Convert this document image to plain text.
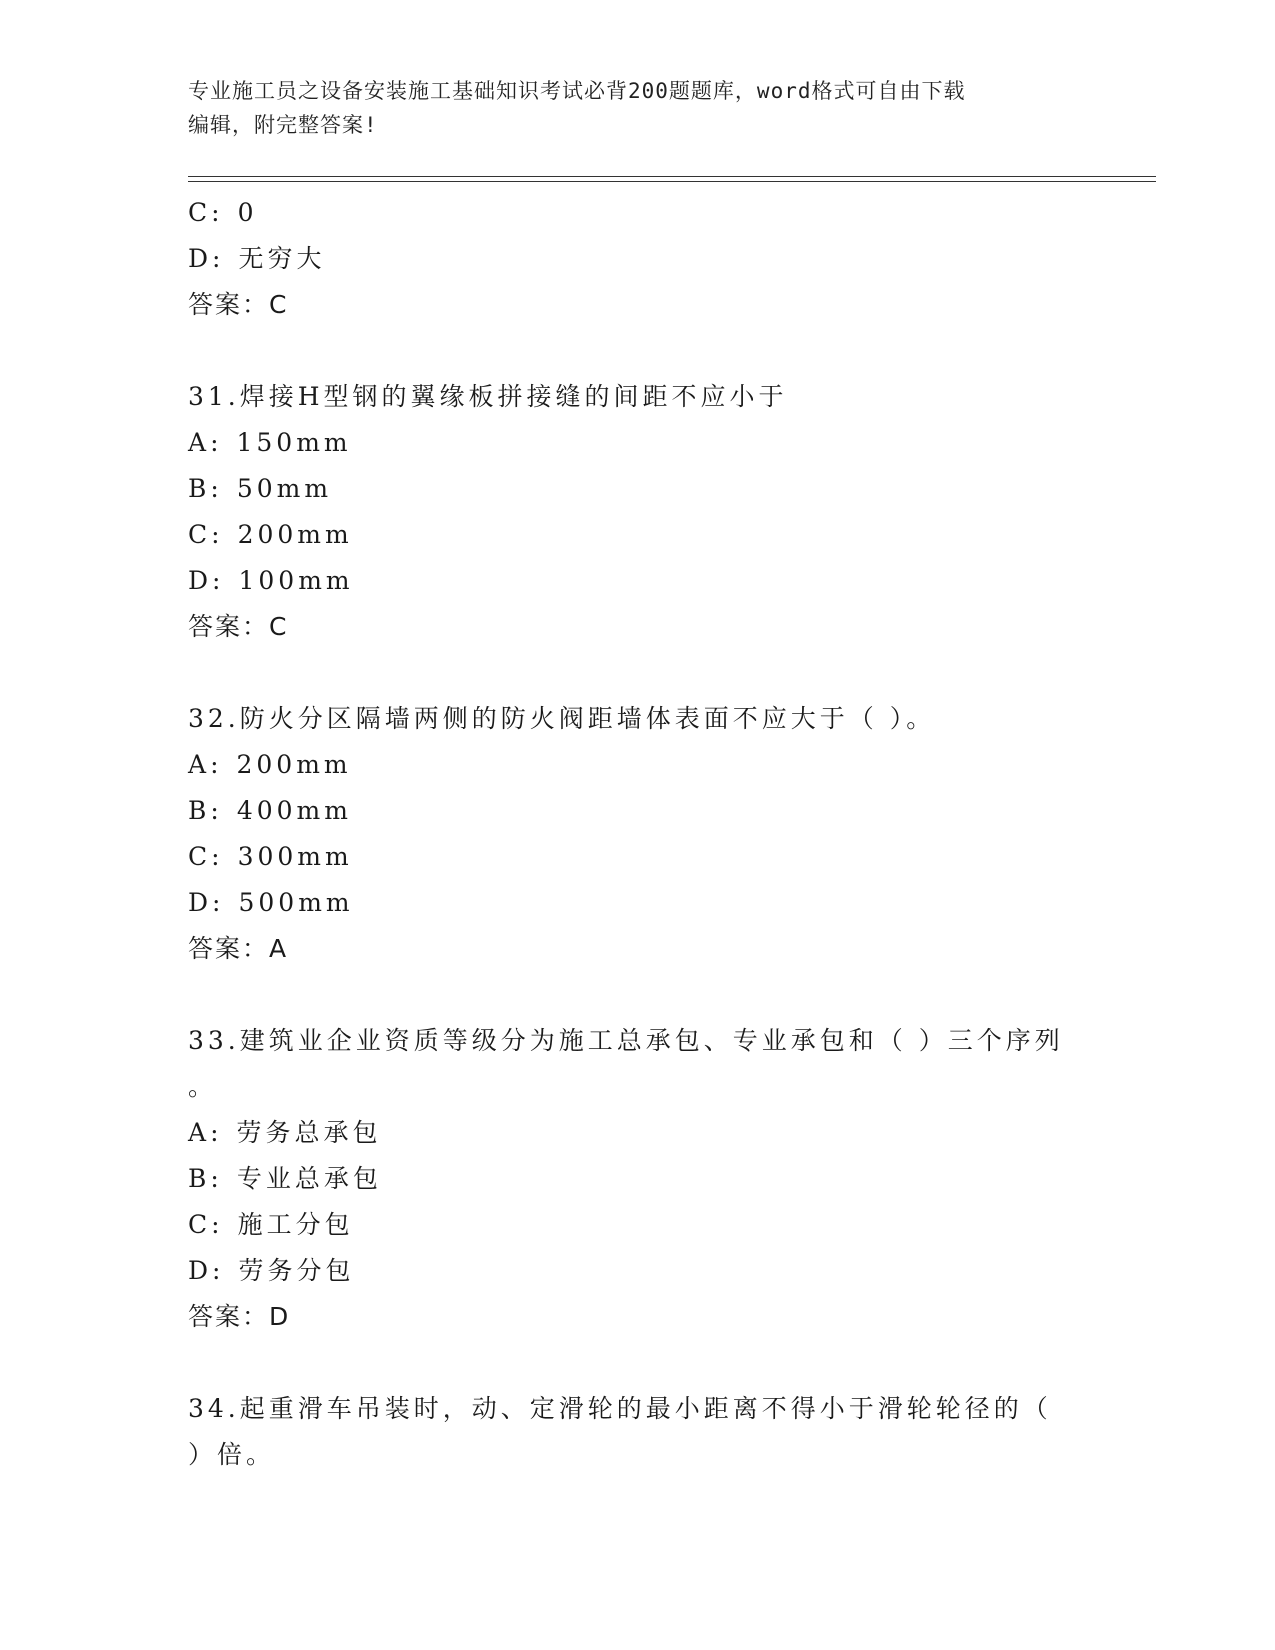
专业施工员之设备安装施工基础知识考试必背200题题库，word格式可自由下载
编辑，附完整答案!
C: 0
D: 无穷大
答案：C
31.焊接H型钢的翼缘板拼接缝的间距不应小于
A: 150mm
B: 50mm
C: 200mm
D: 100mm
答案：C
32.防火分区隔墙两侧的防火阀距墙体表面不应大于（ ）。
A: 200mm
B: 400mm
C: 300mm
D: 500mm
答案：A
33.建筑业企业资质等级分为施工总承包、专业承包和（ ）三个序列
。
A: 劳务总承包
B: 专业总承包
C: 施工分包
D: 劳务分包
答案：D
34.起重滑车吊装时，动、定滑轮的最小距离不得小于滑轮轮径的（
）倍。
